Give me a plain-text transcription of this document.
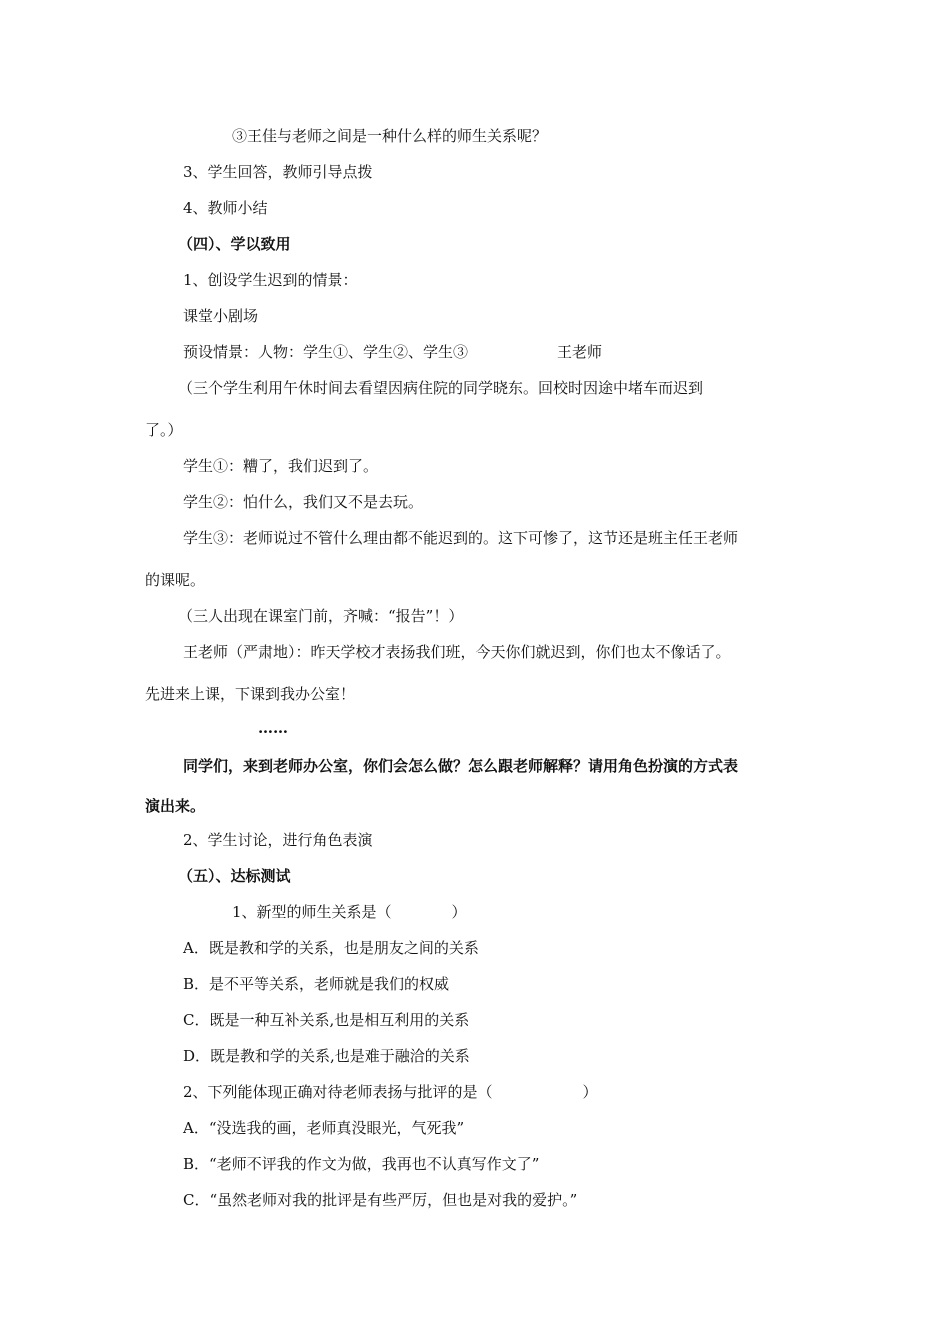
③王佳与老师之间是一种什么样的师生关系呢？
3、学生回答，教师引导点拨
4、教师小结
（四）、学以致用
1、创设学生迟到的情景：
课堂小剧场
预设情景：人物：学生①、学生②、学生③	王老师
（三个学生利用午休时间去看望因病住院的同学晓东。回校时因途中堵车而迟到
了。）
学生①：糟了，我们迟到了。
学生②：怕什么，我们又不是去玩。
学生③：老师说过不管什么理由都不能迟到的。这下可惨了，这节还是班主任王老师
的课呢。
（三人出现在课室门前，齐喊：“报告”！）
王老师（严肃地）：昨天学校才表扬我们班，今天你们就迟到，你们也太不像话了。
先进来上课，下课到我办公室！
……
同学们，来到老师办公室，你们会怎么做？怎么跟老师解释？请用角色扮演的方式表
演出来。
2、学生讨论，进行角色表演
（五）、达标测试
1、新型的师生关系是（　　　　）
A．既是教和学的关系，也是朋友之间的关系
B．是不平等关系，老师就是我们的权威
C．既是一种互补关系,也是相互利用的关系
D．既是教和学的关系,也是难于融洽的关系
2、下列能体现正确对待老师表扬与批评的是（　　　　　　）
A．“没选我的画，老师真没眼光，气死我”
B．“老师不评我的作文为做，我再也不认真写作文了”
C．“虽然老师对我的批评是有些严厉，但也是对我的爱护。”
